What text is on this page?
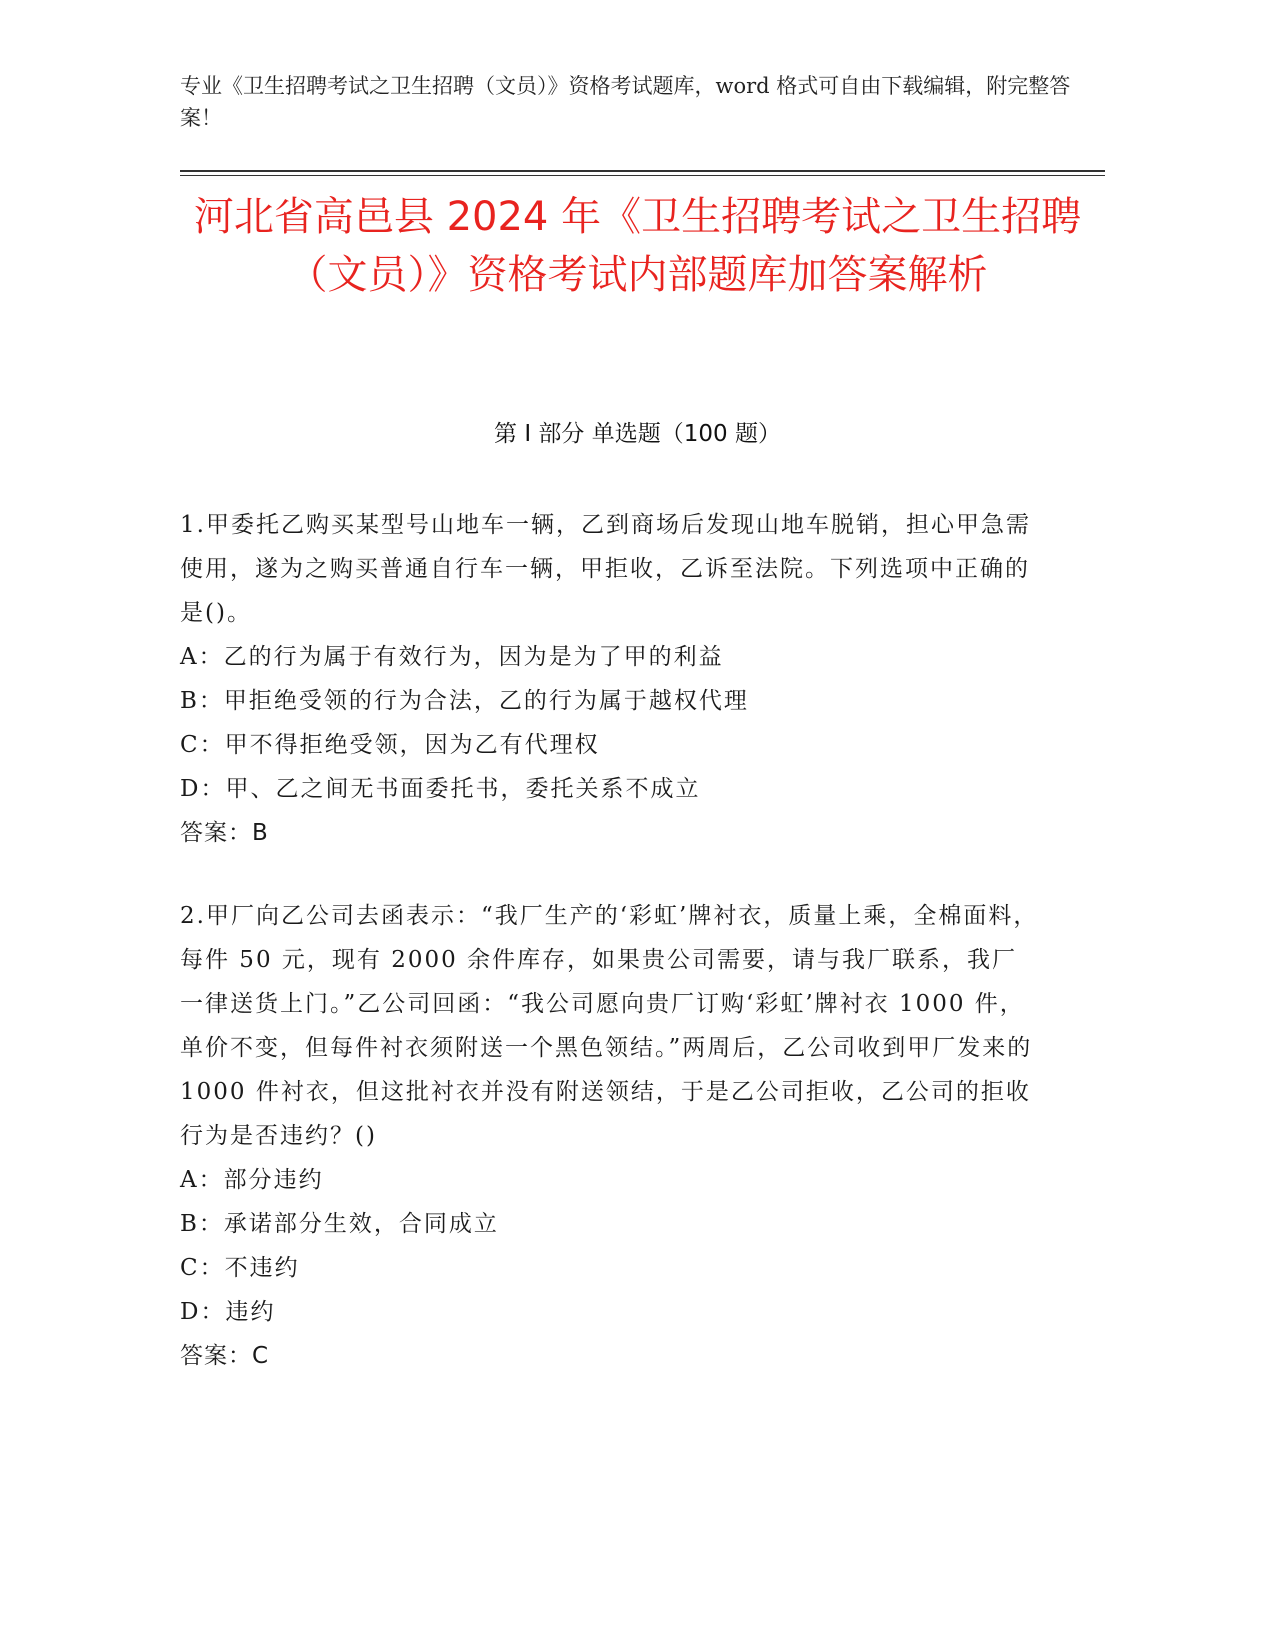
专业《卫生招聘考试之卫生招聘（文员）》资格考试题库，word 格式可自由下载编辑，附完整答案！
河北省高邑县 2024 年《卫生招聘考试之卫生招聘（文员）》资格考试内部题库加答案解析
第 I 部分 单选题（100 题）
1.甲委托乙购买某型号山地车一辆，乙到商场后发现山地车脱销，担心甲急需使用，遂为之购买普通自行车一辆，甲拒收，乙诉至法院。下列选项中正确的是()。
A：乙的行为属于有效行为，因为是为了甲的利益
B：甲拒绝受领的行为合法，乙的行为属于越权代理
C：甲不得拒绝受领，因为乙有代理权
D：甲、乙之间无书面委托书，委托关系不成立
答案：B
2.甲厂向乙公司去函表示：“我厂生产的‘彩虹’牌衬衣，质量上乘，全棉面料，每件 50 元，现有 2000 余件库存，如果贵公司需要，请与我厂联系，我厂一律送货上门。”乙公司回函：“我公司愿向贵厂订购‘彩虹’牌衬衣 1000 件，单价不变，但每件衬衣须附送一个黑色领结。”两周后，乙公司收到甲厂发来的 1000 件衬衣，但这批衬衣并没有附送领结，于是乙公司拒收，乙公司的拒收行为是否违约？()
A：部分违约
B：承诺部分生效，合同成立
C：不违约
D：违约
答案：C
